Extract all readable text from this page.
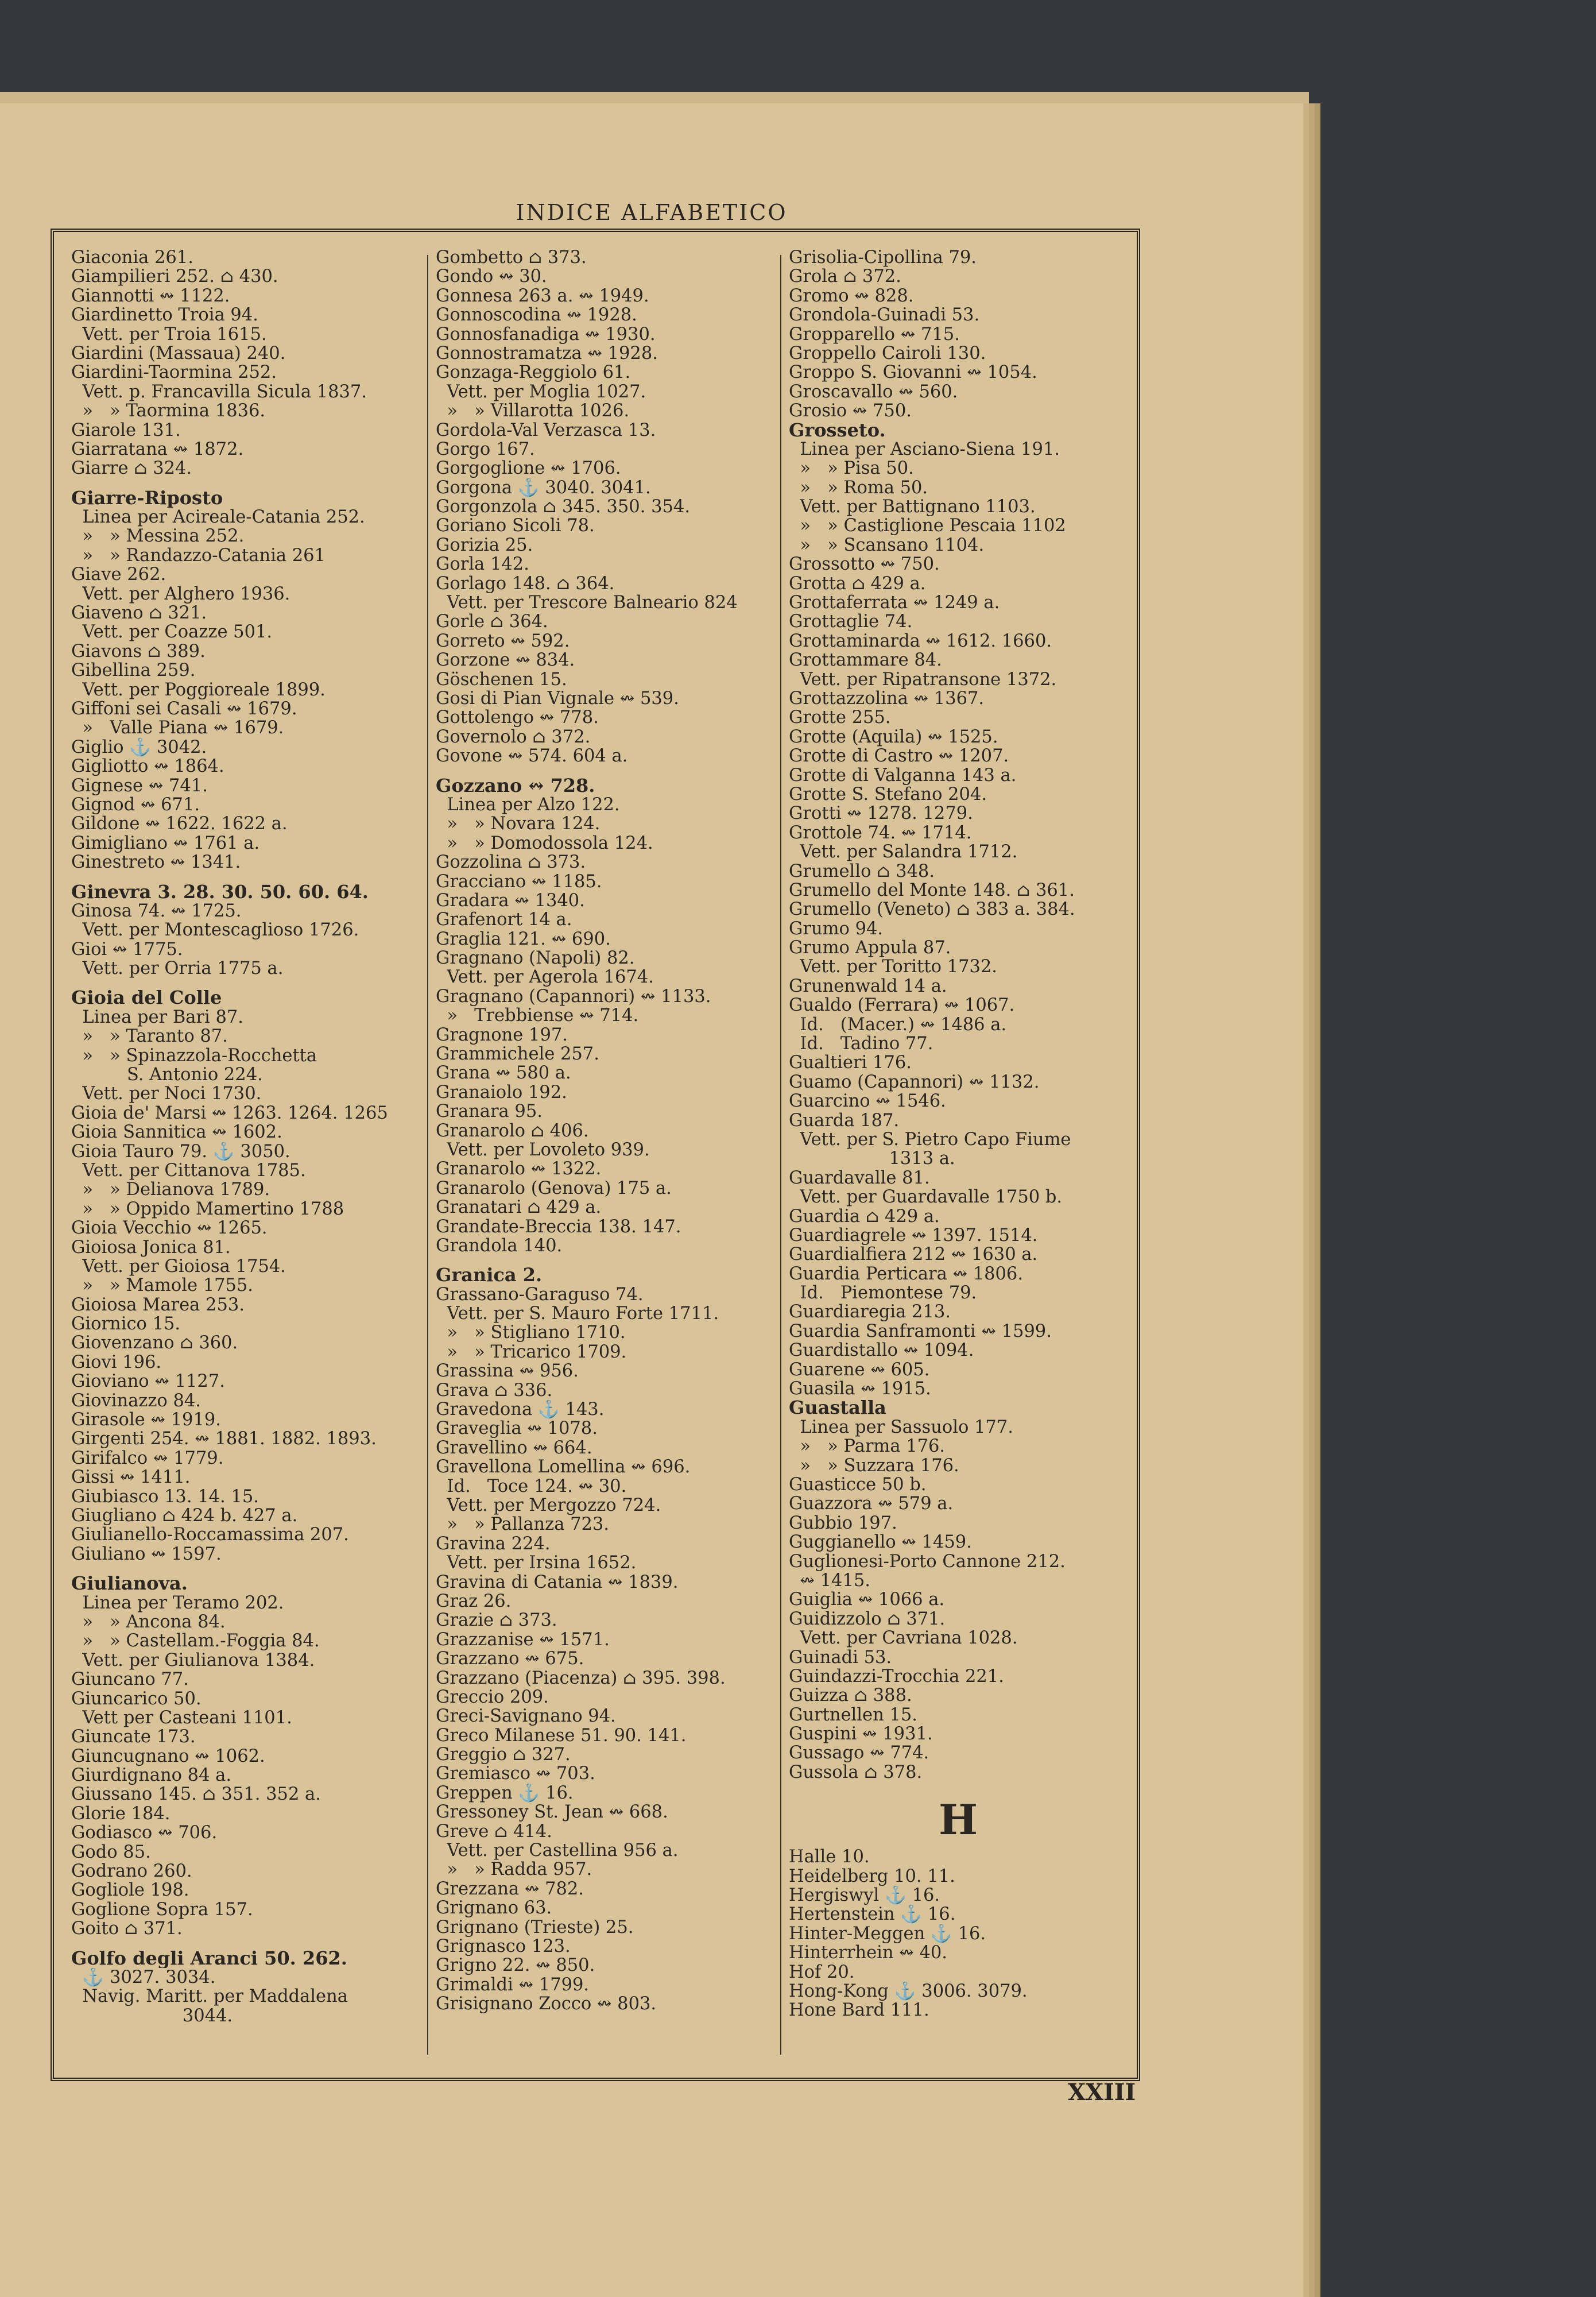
INDICE ALFABETICO
Giaconia 261.
Giampilieri 252. ⌂ 430.
Giannotti ↭ 1122.
Giardinetto Troia 94.
Vett. per Troia 1615.
Giardini (Massaua) 240.
Giardini-Taormina 252.
Vett. p. Francavilla Sicula 1837.
»   » Taormina 1836.
Giarole 131.
Giarratana ↭ 1872.
Giarre ⌂ 324.
Giarre-Riposto
Linea per Acireale-Catania 252.
»   » Messina 252.
»   » Randazzo-Catania 261
Giave 262.
Vett. per Alghero 1936.
Giaveno ⌂ 321.
Vett. per Coazze 501.
Giavons ⌂ 389.
Gibellina 259.
Vett. per Poggioreale 1899.
Giffoni sei Casali ↭ 1679.
»   Valle Piana ↭ 1679.
Giglio ⚓ 3042.
Gigliotto ↭ 1864.
Gignese ↭ 741.
Gignod ↭ 671.
Gildone ↭ 1622. 1622 a.
Gimigliano ↭ 1761 a.
Ginestreto ↭ 1341.
Ginevra 3. 28. 30. 50. 60. 64.
Ginosa 74. ↭ 1725.
Vett. per Montescaglioso 1726.
Gioi ↭ 1775.
Vett. per Orria 1775 a.
Gioia del Colle
Linea per Bari 87.
»   » Taranto 87.
»   » Spinazzola-Rocchetta
S. Antonio 224.
Vett. per Noci 1730.
Gioia de' Marsi ↭ 1263. 1264. 1265
Gioia Sannitica ↭ 1602.
Gioia Tauro 79. ⚓ 3050.
Vett. per Cittanova 1785.
»   » Delianova 1789.
»   » Oppido Mamertino 1788
Gioia Vecchio ↭ 1265.
Gioiosa Jonica 81.
Vett. per Gioiosa 1754.
»   » Mamole 1755.
Gioiosa Marea 253.
Giornico 15.
Giovenzano ⌂ 360.
Giovi 196.
Gioviano ↭ 1127.
Giovinazzo 84.
Girasole ↭ 1919.
Girgenti 254. ↭ 1881. 1882. 1893.
Girifalco ↭ 1779.
Gissi ↭ 1411.
Giubiasco 13. 14. 15.
Giugliano ⌂ 424 b. 427 a.
Giulianello-Roccamassima 207.
Giuliano ↭ 1597.
Giulianova.
Linea per Teramo 202.
»   » Ancona 84.
»   » Castellam.-Foggia 84.
Vett. per Giulianova 1384.
Giuncano 77.
Giuncarico 50.
Vett per Casteani 1101.
Giuncate 173.
Giuncugnano ↭ 1062.
Giurdignano 84 a.
Giussano 145. ⌂ 351. 352 a.
Glorie 184.
Godiasco ↭ 706.
Godo 85.
Godrano 260.
Gogliole 198.
Goglione Sopra 157.
Goito ⌂ 371.
Golfo degli Aranci 50. 262.
⚓ 3027. 3034.
Navig. Maritt. per Maddalena
3044.
Gombetto ⌂ 373.
Gondo ↭ 30.
Gonnesa 263 a. ↭ 1949.
Gonnoscodina ↭ 1928.
Gonnosfanadiga ↭ 1930.
Gonnostramatza ↭ 1928.
Gonzaga-Reggiolo 61.
Vett. per Moglia 1027.
»   » Villarotta 1026.
Gordola-Val Verzasca 13.
Gorgo 167.
Gorgoglione ↭ 1706.
Gorgona ⚓ 3040. 3041.
Gorgonzola ⌂ 345. 350. 354.
Goriano Sicoli 78.
Gorizia 25.
Gorla 142.
Gorlago 148. ⌂ 364.
Vett. per Trescore Balneario 824
Gorle ⌂ 364.
Gorreto ↭ 592.
Gorzone ↭ 834.
Göschenen 15.
Gosi di Pian Vignale ↭ 539.
Gottolengo ↭ 778.
Governolo ⌂ 372.
Govone ↭ 574. 604 a.
Gozzano ↭ 728.
Linea per Alzo 122.
»   » Novara 124.
»   » Domodossola 124.
Gozzolina ⌂ 373.
Gracciano ↭ 1185.
Gradara ↭ 1340.
Grafenort 14 a.
Graglia 121. ↭ 690.
Gragnano (Napoli) 82.
Vett. per Agerola 1674.
Gragnano (Capannori) ↭ 1133.
»   Trebbiense ↭ 714.
Gragnone 197.
Grammichele 257.
Grana ↭ 580 a.
Granaiolo 192.
Granara 95.
Granarolo ⌂ 406.
Vett. per Lovoleto 939.
Granarolo ↭ 1322.
Granarolo (Genova) 175 a.
Granatari ⌂ 429 a.
Grandate-Breccia 138. 147.
Grandola 140.
Granica 2.
Grassano-Garaguso 74.
Vett. per S. Mauro Forte 1711.
»   » Stigliano 1710.
»   » Tricarico 1709.
Grassina ↭ 956.
Grava ⌂ 336.
Gravedona ⚓ 143.
Graveglia ↭ 1078.
Gravellino ↭ 664.
Gravellona Lomellina ↭ 696.
Id.   Toce 124. ↭ 30.
Vett. per Mergozzo 724.
»   » Pallanza 723.
Gravina 224.
Vett. per Irsina 1652.
Gravina di Catania ↭ 1839.
Graz 26.
Grazie ⌂ 373.
Grazzanise ↭ 1571.
Grazzano ↭ 675.
Grazzano (Piacenza) ⌂ 395. 398.
Greccio 209.
Greci-Savignano 94.
Greco Milanese 51. 90. 141.
Greggio ⌂ 327.
Gremiasco ↭ 703.
Greppen ⚓ 16.
Gressoney St. Jean ↭ 668.
Greve ⌂ 414.
Vett. per Castellina 956 a.
»   » Radda 957.
Grezzana ↭ 782.
Grignano 63.
Grignano (Trieste) 25.
Grignasco 123.
Grigno 22. ↭ 850.
Grimaldi ↭ 1799.
Grisignano Zocco ↭ 803.
Grisolia-Cipollina 79.
Grola ⌂ 372.
Gromo ↭ 828.
Grondola-Guinadi 53.
Gropparello ↭ 715.
Groppello Cairoli 130.
Groppo S. Giovanni ↭ 1054.
Groscavallo ↭ 560.
Grosio ↭ 750.
Grosseto.
Linea per Asciano-Siena 191.
»   » Pisa 50.
»   » Roma 50.
Vett. per Battignano 1103.
»   » Castiglione Pescaia 1102
»   » Scansano 1104.
Grossotto ↭ 750.
Grotta ⌂ 429 a.
Grottaferrata ↭ 1249 a.
Grottaglie 74.
Grottaminarda ↭ 1612. 1660.
Grottammare 84.
Vett. per Ripatransone 1372.
Grottazzolina ↭ 1367.
Grotte 255.
Grotte (Aquila) ↭ 1525.
Grotte di Castro ↭ 1207.
Grotte di Valganna 143 a.
Grotte S. Stefano 204.
Grotti ↭ 1278. 1279.
Grottole 74. ↭ 1714.
Vett. per Salandra 1712.
Grumello ⌂ 348.
Grumello del Monte 148. ⌂ 361.
Grumello (Veneto) ⌂ 383 a. 384.
Grumo 94.
Grumo Appula 87.
Vett. per Toritto 1732.
Grunenwald 14 a.
Gualdo (Ferrara) ↭ 1067.
Id.   (Macer.) ↭ 1486 a.
Id.   Tadino 77.
Gualtieri 176.
Guamo (Capannori) ↭ 1132.
Guarcino ↭ 1546.
Guarda 187.
Vett. per S. Pietro Capo Fiume
1313 a.
Guardavalle 81.
Vett. per Guardavalle 1750 b.
Guardia ⌂ 429 a.
Guardiagrele ↭ 1397. 1514.
Guardialfiera 212 ↭ 1630 a.
Guardia Perticara ↭ 1806.
Id.   Piemontese 79.
Guardiaregia 213.
Guardia Sanframonti ↭ 1599.
Guardistallo ↭ 1094.
Guarene ↭ 605.
Guasila ↭ 1915.
Guastalla
Linea per Sassuolo 177.
»   » Parma 176.
»   » Suzzara 176.
Guasticce 50 b.
Guazzora ↭ 579 a.
Gubbio 197.
Guggianello ↭ 1459.
Guglionesi-Porto Cannone 212.
↭ 1415.
Guiglia ↭ 1066 a.
Guidizzolo ⌂ 371.
Vett. per Cavriana 1028.
Guinadi 53.
Guindazzi-Trocchia 221.
Guizza ⌂ 388.
Gurtnellen 15.
Guspini ↭ 1931.
Gussago ↭ 774.
Gussola ⌂ 378.
H
Halle 10.
Heidelberg 10. 11.
Hergiswyl ⚓ 16.
Hertenstein ⚓ 16.
Hinter-Meggen ⚓ 16.
Hinterrhein ↭ 40.
Hof 20.
Hong-Kong ⚓ 3006. 3079.
Hone Bard 111.
XXIII
